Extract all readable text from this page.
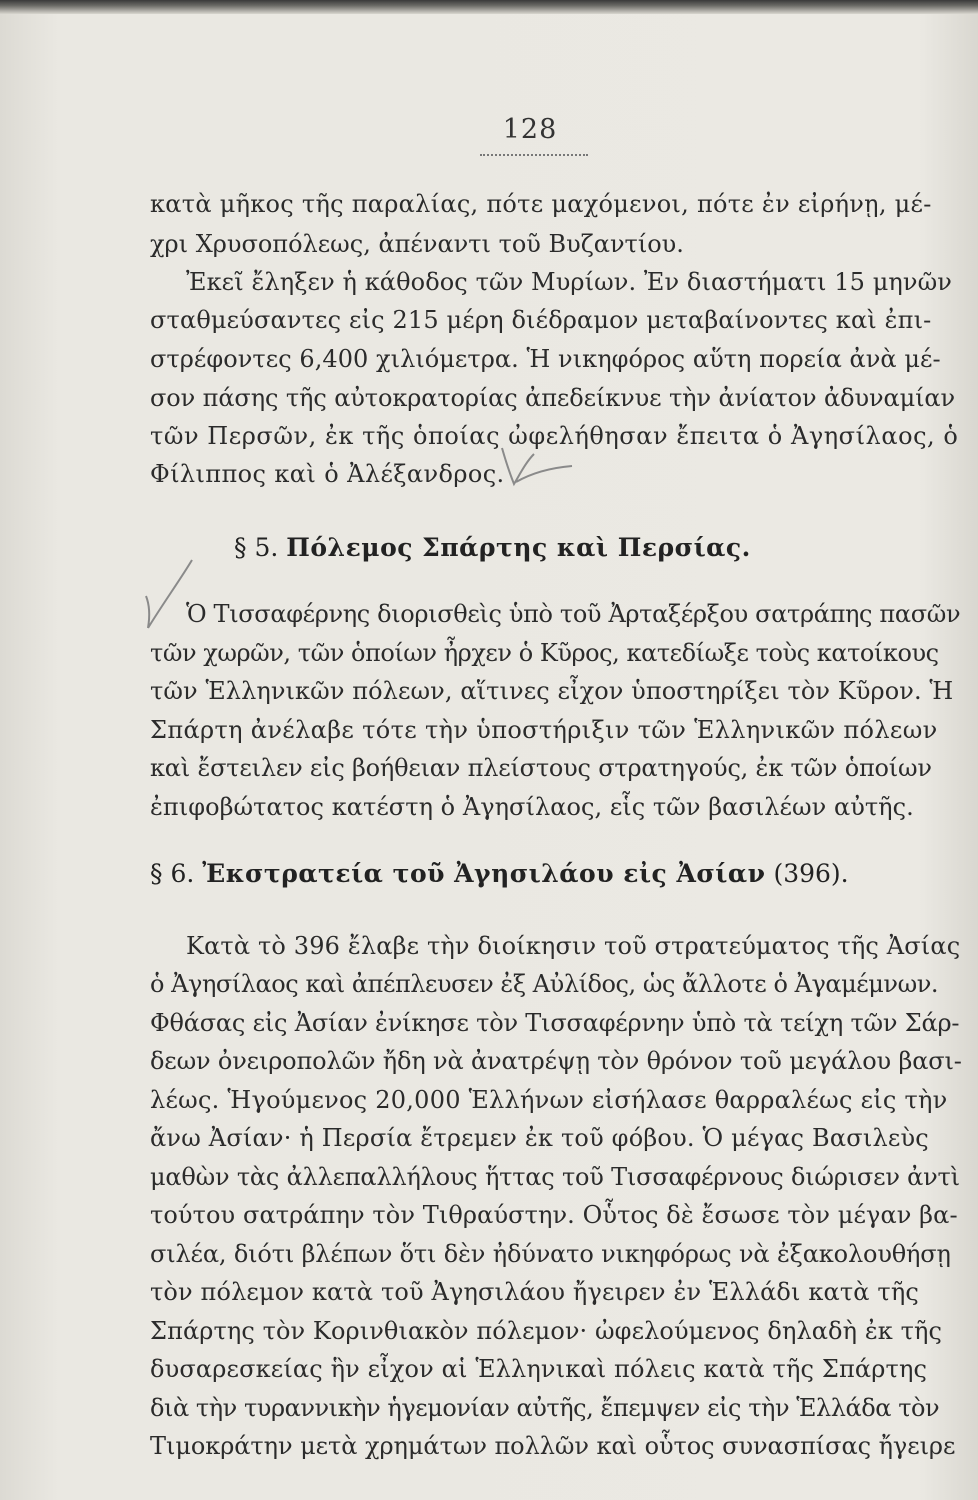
128
κατὰ μῆκος τῆς παραλίας, πότε μαχόμενοι, πότε ἐν εἰρήνῃ, μέ-
χρι Χρυσοπόλεως, ἀπέναντι τοῦ Βυζαντίου.
Ἐκεῖ ἔληξεν ἡ κάθοδος τῶν Μυρίων. Ἐν διαστήματι 15 μηνῶν
σταθμεύσαντες εἰς 215 μέρη διέδραμον μεταβαίνοντες καὶ ἐπι-
στρέφοντες 6,400 χιλιόμετρα. Ἡ νικηφόρος αὕτη πορεία ἀνὰ μέ-
σον πάσης τῆς αὐτοκρατορίας ἀπεδείκνυε τὴν ἀνίατον ἀδυναμίαν
τῶν Περσῶν, ἐκ τῆς ὁποίας ὠφελήθησαν ἔπειτα ὁ Ἀγησίλαος, ὁ
Φίλιππος καὶ ὁ Ἀλέξανδρος.
§ 5. Πόλεμος Σπάρτης καὶ Περσίας.
Ὁ Τισσαφέρνης διορισθεὶς ὑπὸ τοῦ Ἀρταξέρξου σατράπης πασῶν
τῶν χωρῶν, τῶν ὁποίων ἦρχεν ὁ Κῦρος, κατεδίωξε τοὺς κατοίκους
τῶν Ἑλληνικῶν πόλεων, αἵτινες εἶχον ὑποστηρίξει τὸν Κῦρον. Ἡ
Σπάρτη ἀνέλαβε τότε τὴν ὑποστήριξιν τῶν Ἑλληνικῶν πόλεων
καὶ ἔστειλεν εἰς βοήθειαν πλείστους στρατηγούς, ἐκ τῶν ὁποίων
ἐπιφοβώτατος κατέστη ὁ Ἀγησίλαος, εἷς τῶν βασιλέων αὐτῆς.
§ 6. Ἐκστρατεία τοῦ Ἀγησιλάου εἰς Ἀσίαν (396).
Κατὰ τὸ 396 ἔλαβε τὴν διοίκησιν τοῦ στρατεύματος τῆς Ἀσίας
ὁ Ἀγησίλαος καὶ ἀπέπλευσεν ἐξ Αὐλίδος, ὡς ἄλλοτε ὁ Ἀγαμέμνων.
Φθάσας εἰς Ἀσίαν ἐνίκησε τὸν Τισσαφέρνην ὑπὸ τὰ τείχη τῶν Σάρ-
δεων ὀνειροπολῶν ἤδη νὰ ἀνατρέψῃ τὸν θρόνον τοῦ μεγάλου βασι-
λέως. Ἡγούμενος 20,000 Ἑλλήνων εἰσήλασε θαρραλέως εἰς τὴν
ἄνω Ἀσίαν· ἡ Περσία ἔτρεμεν ἐκ τοῦ φόβου. Ὁ μέγας Βασιλεὺς
μαθὼν τὰς ἀλλεπαλλήλους ἥττας τοῦ Τισσαφέρνους διώρισεν ἀντὶ
τούτου σατράπην τὸν Τιθραύστην. Οὗτος δὲ ἔσωσε τὸν μέγαν βα-
σιλέα, διότι βλέπων ὅτι δὲν ἠδύνατο νικηφόρως νὰ ἐξακολουθήσῃ
τὸν πόλεμον κατὰ τοῦ Ἀγησιλάου ἤγειρεν ἐν Ἑλλάδι κατὰ τῆς
Σπάρτης τὸν Κορινθιακὸν πόλεμον· ὠφελούμενος δηλαδὴ ἐκ τῆς
δυσαρεσκείας ἣν εἶχον αἱ Ἑλληνικαὶ πόλεις κατὰ τῆς Σπάρτης
διὰ τὴν τυραννικὴν ἡγεμονίαν αὐτῆς, ἔπεμψεν εἰς τὴν Ἑλλάδα τὸν
Τιμοκράτην μετὰ χρημάτων πολλῶν καὶ οὗτος συνασπίσας ἤγειρε
